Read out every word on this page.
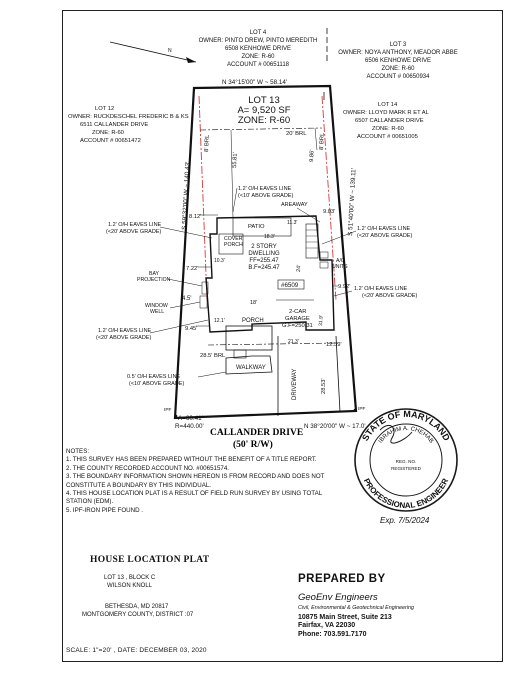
N
LOT 4
OWNER: PINTO DREW, PINTO MEREDITH
6508 KENHOWE DRIVE
ZONE: R-60
ACCOUNT # 00651118
LOT 3
OWNER: NOYA ANTHONY, MEADOR ABBE
6506 KENHOWE DRIVE
ZONE: R-60
ACCOUNT # 00650934
LOT 12
OWNER: RUCKDESCHEL FREDERIC B & KS
6511 CALLANDER DRIVE
ZONE: R-60
ACCOUNT # 00651472
LOT 14
OWNER: LLOYD MARK R ET AL
6507 CALLANDER DRIVE
ZONE: R-60
ACCOUNT # 00651005
N 34°15'00" W ~ 58.14'
S 59°32'00" W ~ 140.43'	S 51°40'00" W ~ 139.11'
N 38°20'00" W ~ 17.0'
A=60.41'
R=440.00'
LOT 13
A= 9,520 SF
ZONE: R-60
8' BRL
20' BRL 8' BRL
28.5' BRL
55.81'	9.86'
1.2' O/H EAVES LINE
(<10' ABOVE GRADE)
AREAWAY
9.03'
PATIO
18.3'
11.3'
COVER PORCH
10.3'
2 STORY
DWELLING
FF=255.47
B.F=245.47	24'
#6509
18'
2-CAR
GARAGE
G.F=250.31 31.9'
21.3'
A/C UNITS
PORCH
12.1'
WALKWAY
DRIVEWAY	28.53'
8.12'
7.22'
9.92'
9.45'
12.59'
4.5'
BAY PROJECTION
WINDOW WELL
1.2' O/H EAVES LINE
(<20' ABOVE GRADE)
1.2' O/H EAVES LINE
(<20' ABOVE GRADE)
1.2' O/H EAVES LINE
(<20' ABOVE GRADE)
1.2' O/H EAVES LINE
(<20' ABOVE GRADE)
0.5' O/H EAVES LINE
(<10' ABOVE GRADE)
IPF	IPF
CALLANDER DRIVE
(50' R/W)
STATE OF MARYLAND
PROFESSIONAL ENGINEER
IBRAHIM A. CHEHAB
REG. NO.
REGISTERED
Exp. 7/5/2024
NOTES:
1. THIS SURVEY HAS BEEN PREPARED WITHOUT THE BENEFIT OF A TITLE REPORT.
2. THE COUNTY RECORDED ACCOUNT NO. #00651574.
3. THE BOUNDARY INFORMATION SHOWN HEREON IS FROM RECORD AND DOES NOT
CONSTITUTE A BOUNDARY BY THIS INDIVIDUAL.
4. THIS HOUSE LOCATION PLAT IS A RESULT OF FIELD RUN SURVEY BY USING TOTAL
STATION (EDM).
5. IPF-IRON PIPE FOUND .
HOUSE LOCATION PLAT
LOT 13 , BLOCK C
WILSON KNOLL
BETHESDA, MD 20817
MONTGOMERY COUNTY, DISTRICT :07
SCALE: 1"=20' , DATE: DECEMBER 03, 2020
PREPARED BY
GeoEnv Engineers
Civil, Environmental & Geotechnical Engineering
10875 Main Street, Suite 213
Fairfax, VA 22030
Phone: 703.591.7170
